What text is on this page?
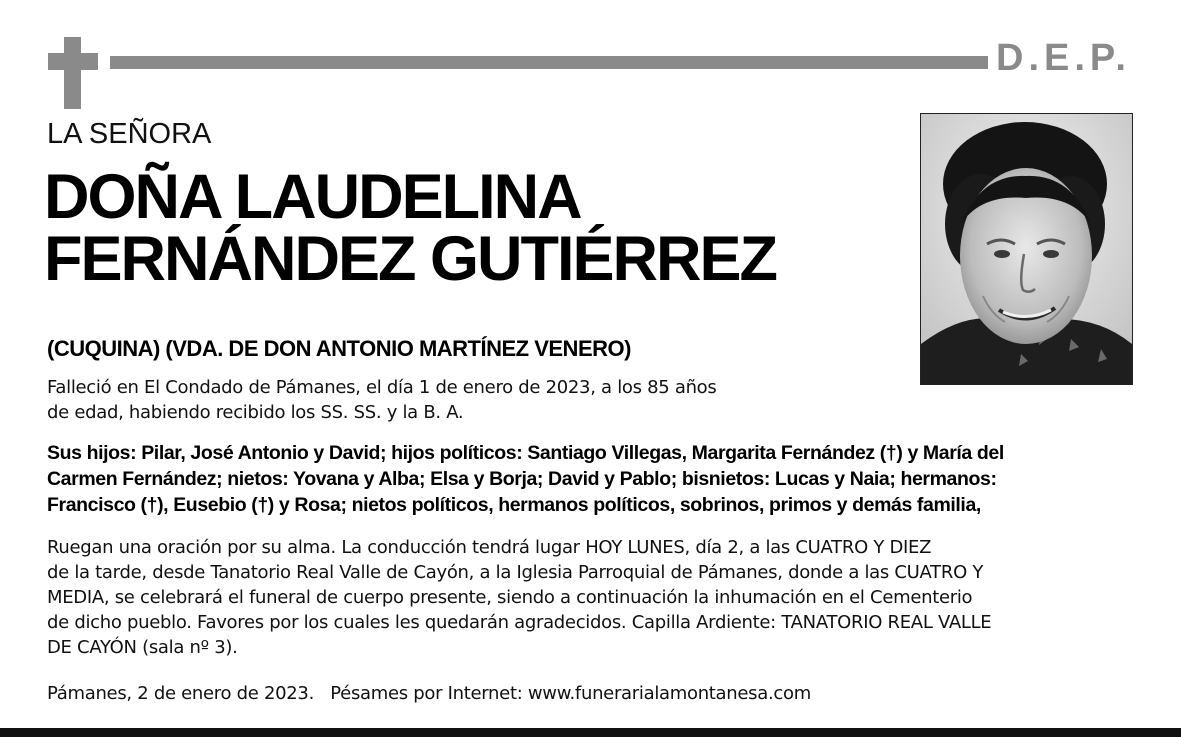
D.E.P.
LA SEÑORA
DOÑA LAUDELINA
FERNÁNDEZ GUTIÉRREZ
(CUQUINA) (VDA. DE DON ANTONIO MARTÍNEZ VENERO)
Falleció en El Condado de Pámanes, el día 1 de enero de 2023, a los 85 años
de edad, habiendo recibido los SS. SS. y la B. A.
Sus hijos: Pilar, José Antonio y David; hijos políticos: Santiago Villegas, Margarita Fernández (†) y María del
Carmen Fernández; nietos: Yovana y Alba; Elsa y Borja; David y Pablo; bisnietos: Lucas y Naia; hermanos:
Francisco (†), Eusebio (†) y Rosa; nietos políticos, hermanos políticos, sobrinos, primos y demás familia,
Ruegan una oración por su alma. La conducción tendrá lugar HOY LUNES, día 2, a las CUATRO Y DIEZ
de la tarde, desde Tanatorio Real Valle de Cayón, a la Iglesia Parroquial de Pámanes, donde a las CUATRO Y
MEDIA, se celebrará el funeral de cuerpo presente, siendo a continuación la inhumación en el Cementerio
de dicho pueblo. Favores por los cuales les quedarán agradecidos. Capilla Ardiente: TANATORIO REAL VALLE
DE CAYÓN (sala nº 3).
Pámanes, 2 de enero de 2023. Pésames por Internet: www.funerarialamontanesa.com
